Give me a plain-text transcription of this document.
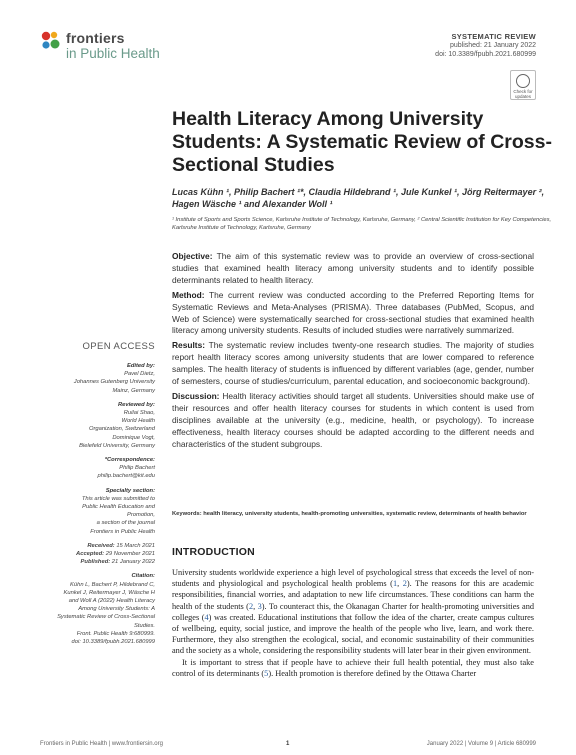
frontiers
in Public Health
SYSTEMATIC REVIEW
published: 21 January 2022
doi: 10.3389/fpubh.2021.680999
Check for updates
Health Literacy Among University Students: A Systematic Review of Cross-Sectional Studies
Lucas Kühn ¹, Philip Bachert ¹*, Claudia Hildebrand ¹, Jule Kunkel ¹, Jörg Reitermayer ², Hagen Wäsche ¹ and Alexander Woll ¹
¹ Institute of Sports and Sports Science, Karlsruhe Institute of Technology, Karlsruhe, Germany, ² Central Scientific Institution for Key Competencies, Karlsruhe Institute of Technology, Karlsruhe, Germany

Objective: The aim of this systematic review was to provide an overview of cross-sectional studies that examined health literacy among university students and to identify possible determinants related to health literacy.

Method: The current review was conducted according to the Preferred Reporting Items for Systematic Reviews and Meta-Analyses (PRISMA). Three databases (PubMed, Scopus, and Web of Science) were systematically searched for cross-sectional studies that examined health literacy among university students. Results of included studies were narratively summarized.

Results: The systematic review includes twenty-one research studies. The majority of studies report health literacy scores among university students that are lower compared to reference samples. The health literacy of students is influenced by different variables (age, gender, number of semesters, course of studies/curriculum, parental education, and socioeconomic background).

Discussion: Health literacy activities should target all students. Universities should make use of their resources and offer health literacy courses for students in which content is used from disciplines available at the university (e.g., medicine, health, or psychology). To increase effectiveness, health literacy courses should be adapted according to the different needs and characteristics of the student subgroups.

Keywords: health literacy, university students, health-promoting universities, systematic review, determinants of health behavior
INTRODUCTION

University students worldwide experience a high level of psychological stress that exceeds the level of non-students and physiological and psychological health problems (1, 2). The reasons for this are academic responsibilities, financial worries, and adaptation to new life circumstances. These conditions can harm the health of the students (2, 3). To counteract this, the Okanagan Charter for health-promoting universities and colleges (4) was created. Educational institutions that follow the idea of the charter, create campus cultures of wellbeing, equity, social justice, and improve the health of the people who live, learn, and work there. Furthermore, they also strengthen the ecological, social, and economic sustainability of their communities and the society as a whole, considering the responsibility students will later bear in their given environment.

It is important to stress that if people have to achieve their full health potential, they must also take control of its determinants (5). Health promotion is therefore defined by the Ottawa Charter

OPEN ACCESS
Edited by:
Pavel Dietz,
Johannes Gutenberg University
Mainz, Germany
Reviewed by:
Ruilai Shao,
World Health
Organization, Switzerland
Dominique Vogt,
Bielefeld University, Germany
*Correspondence:
Philip Bachert
philip.bachert@kit.edu
Specialty section:
This article was submitted to
Public Health Education and
Promotion,
a section of the journal
Frontiers in Public Health
Received: 15 March 2021
Accepted: 29 November 2021
Published: 21 January 2022
Citation:
Kühn L, Bachert P, Hildebrand C,
Kunkel J, Reitermayer J, Wäsche H
and Woll A (2022) Health Literacy
Among University Students: A
Systematic Review of Cross-Sectional
Studies.
Front. Public Health 9:680999.
doi: 10.3389/fpubh.2021.680999
Frontiers in Public Health | www.frontiersin.org	1	January 2022 | Volume 9 | Article 680999
